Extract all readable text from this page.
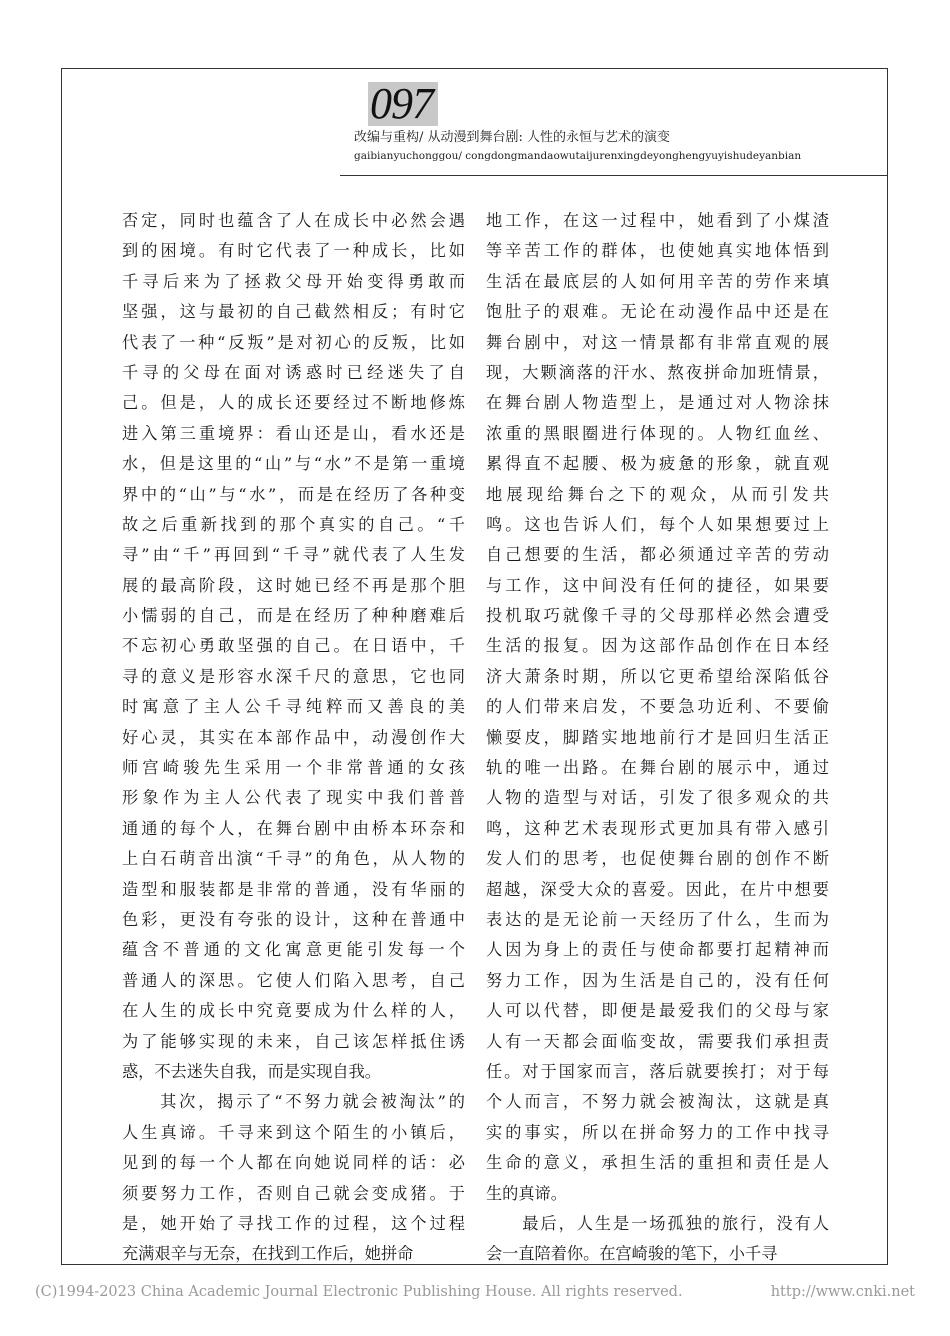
097
改编与重构/ 从动漫到舞台剧: 人性的永恒与艺术的演变
gaibianyuchonggou/ congdongmandaowutaijurenxingdeyonghengyuyishudeyanbian
否定，同时也蕴含了人在成长中必然会遇
到的困境。有时它代表了一种成长，比如
千寻后来为了拯救父母开始变得勇敢而
坚强，这与最初的自己截然相反；有时它
代表了一种“反叛”是对初心的反叛，比如
千寻的父母在面对诱惑时已经迷失了自
己。但是，人的成长还要经过不断地修炼
进入第三重境界：看山还是山，看水还是
水，但是这里的“山”与“水”不是第一重境
界中的“山”与“水”，而是在经历了各种变
故之后重新找到的那个真实的自己。“千
寻”由“千”再回到“千寻”就代表了人生发
展的最高阶段，这时她已经不再是那个胆
小懦弱的自己，而是在经历了种种磨难后
不忘初心勇敢坚强的自己。在日语中，千
寻的意义是形容水深千尺的意思，它也同
时寓意了主人公千寻纯粹而又善良的美
好心灵，其实在本部作品中，动漫创作大
师宫崎骏先生采用一个非常普通的女孩
形象作为主人公代表了现实中我们普普
通通的每个人，在舞台剧中由桥本环奈和
上白石萌音出演“千寻”的角色，从人物的
造型和服装都是非常的普通，没有华丽的
色彩，更没有夸张的设计，这种在普通中
蕴含不普通的文化寓意更能引发每一个
普通人的深思。它使人们陷入思考，自己
在人生的成长中究竟要成为什么样的人，
为了能够实现的未来，自己该怎样抵住诱
惑，不去迷失自我，而是实现自我。
　　其次，揭示了“不努力就会被淘汰”的
人生真谛。千寻来到这个陌生的小镇后，
见到的每一个人都在向她说同样的话：必
须要努力工作，否则自己就会变成猪。于
是，她开始了寻找工作的过程，这个过程
充满艰辛与无奈，在找到工作后，她拼命
地工作，在这一过程中，她看到了小煤渣
等辛苦工作的群体，也使她真实地体悟到
生活在最底层的人如何用辛苦的劳作来填
饱肚子的艰难。无论在动漫作品中还是在
舞台剧中，对这一情景都有非常直观的展
现，大颗滴落的汗水、熬夜拼命加班情景，
在舞台剧人物造型上，是通过对人物涂抹
浓重的黑眼圈进行体现的。人物红血丝、
累得直不起腰、极为疲惫的形象，就直观
地展现给舞台之下的观众，从而引发共
鸣。这也告诉人们，每个人如果想要过上
自己想要的生活，都必须通过辛苦的劳动
与工作，这中间没有任何的捷径，如果要
投机取巧就像千寻的父母那样必然会遭受
生活的报复。因为这部作品创作在日本经
济大萧条时期，所以它更希望给深陷低谷
的人们带来启发，不要急功近利、不要偷
懒耍皮，脚踏实地地前行才是回归生活正
轨的唯一出路。在舞台剧的展示中，通过
人物的造型与对话，引发了很多观众的共
鸣，这种艺术表现形式更加具有带入感引
发人们的思考，也促使舞台剧的创作不断
超越，深受大众的喜爱。因此，在片中想要
表达的是无论前一天经历了什么，生而为
人因为身上的责任与使命都要打起精神而
努力工作，因为生活是自己的，没有任何
人可以代替，即便是最爱我们的父母与家
人有一天都会面临变故，需要我们承担责
任。对于国家而言，落后就要挨打；对于每
个人而言，不努力就会被淘汰，这就是真
实的事实，所以在拼命努力的工作中找寻
生命的意义，承担生活的重担和责任是人
生的真谛。
　　最后，人生是一场孤独的旅行，没有人
会一直陪着你。在宫崎骏的笔下，小千寻
(C)1994-2023 China Academic Journal Electronic Publishing House. All rights reserved.	http://www.cnki.net
